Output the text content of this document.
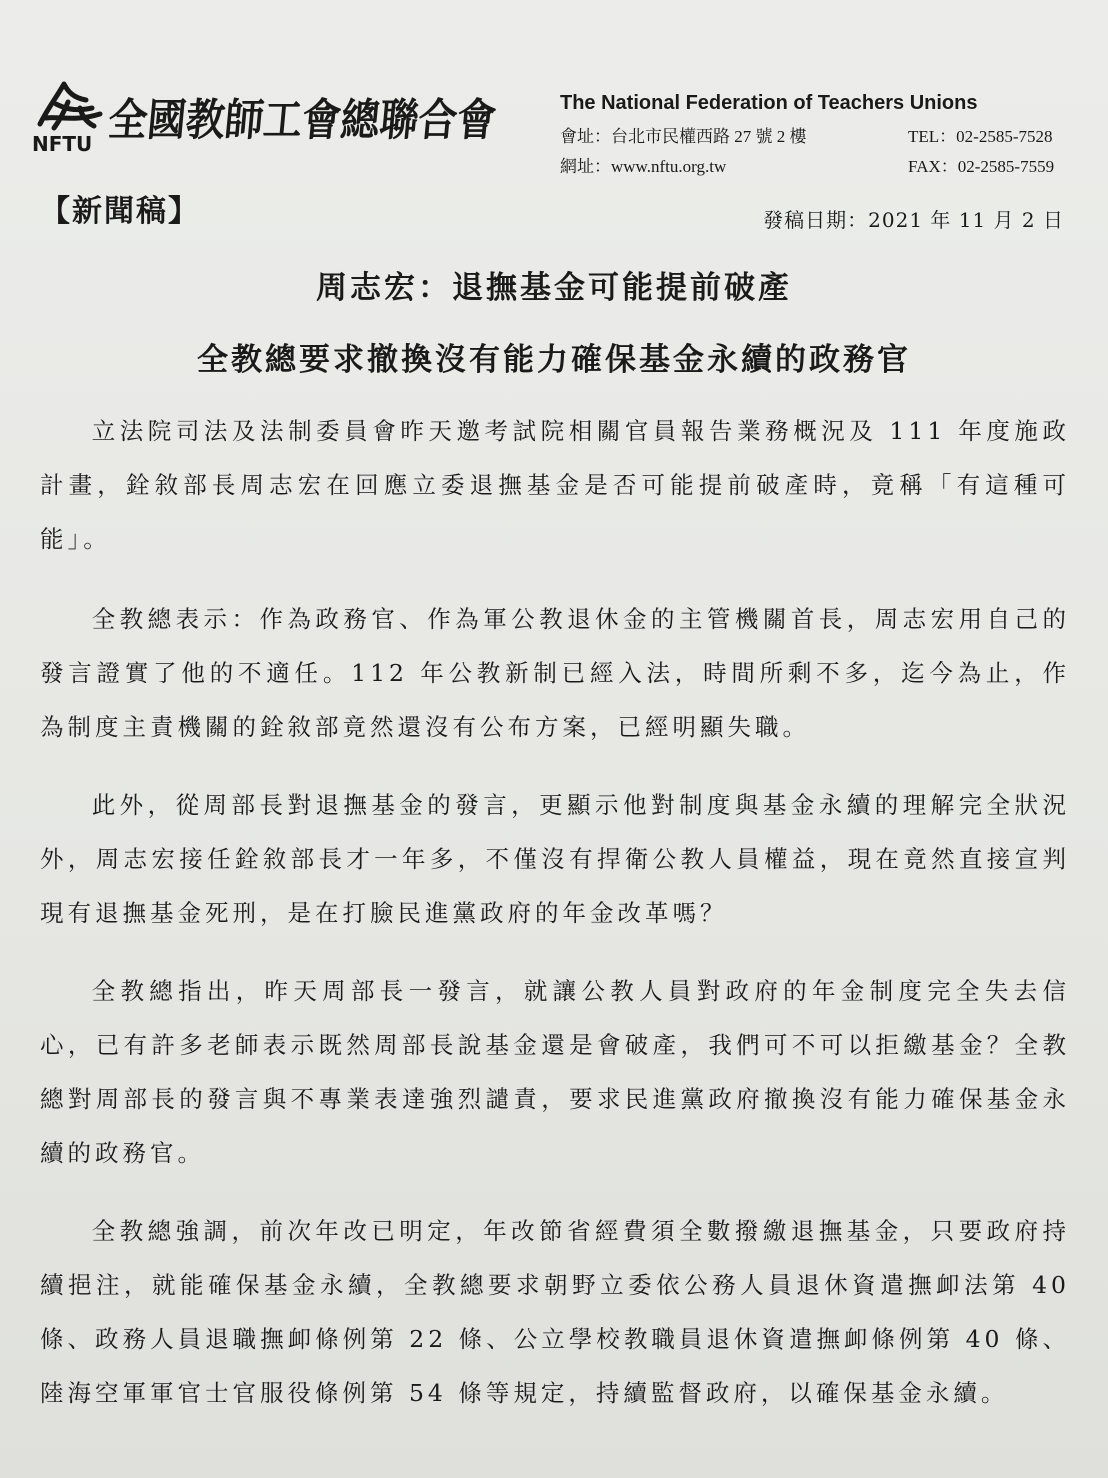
NFTU 全國教師工會總聯合會	The National Federation of Teachers Unions
會址：台北市民權西路 27 號 2 樓	TEL：02-2585-7528
網址：www.nftu.org.tw	FAX：02-2585-7559
【新聞稿】	發稿日期：2021 年 11 月 2 日
周志宏：退撫基金可能提前破產
全教總要求撤換沒有能力確保基金永續的政務官
立法院司法及法制委員會昨天邀考試院相關官員報告業務概況及 111 年度施政計畫，銓敘部長周志宏在回應立委退撫基金是否可能提前破產時，竟稱「有這種可能」。
全教總表示：作為政務官、作為軍公教退休金的主管機關首長，周志宏用自己的發言證實了他的不適任。112 年公教新制已經入法，時間所剩不多，迄今為止，作為制度主責機關的銓敘部竟然還沒有公布方案，已經明顯失職。
此外，從周部長對退撫基金的發言，更顯示他對制度與基金永續的理解完全狀況外，周志宏接任銓敘部長才一年多，不僅沒有捍衛公教人員權益，現在竟然直接宣判現有退撫基金死刑，是在打臉民進黨政府的年金改革嗎？
全教總指出，昨天周部長一發言，就讓公教人員對政府的年金制度完全失去信心，已有許多老師表示既然周部長說基金還是會破產，我們可不可以拒繳基金？全教總對周部長的發言與不專業表達強烈譴責，要求民進黨政府撤換沒有能力確保基金永續的政務官。
全教總強調，前次年改已明定，年改節省經費須全數撥繳退撫基金，只要政府持續挹注，就能確保基金永續，全教總要求朝野立委依公務人員退休資遣撫卹法第 40 條、政務人員退職撫卹條例第 22 條、公立學校教職員退休資遣撫卹條例第 40 條、陸海空軍軍官士官服役條例第 54 條等規定，持續監督政府，以確保基金永續。
